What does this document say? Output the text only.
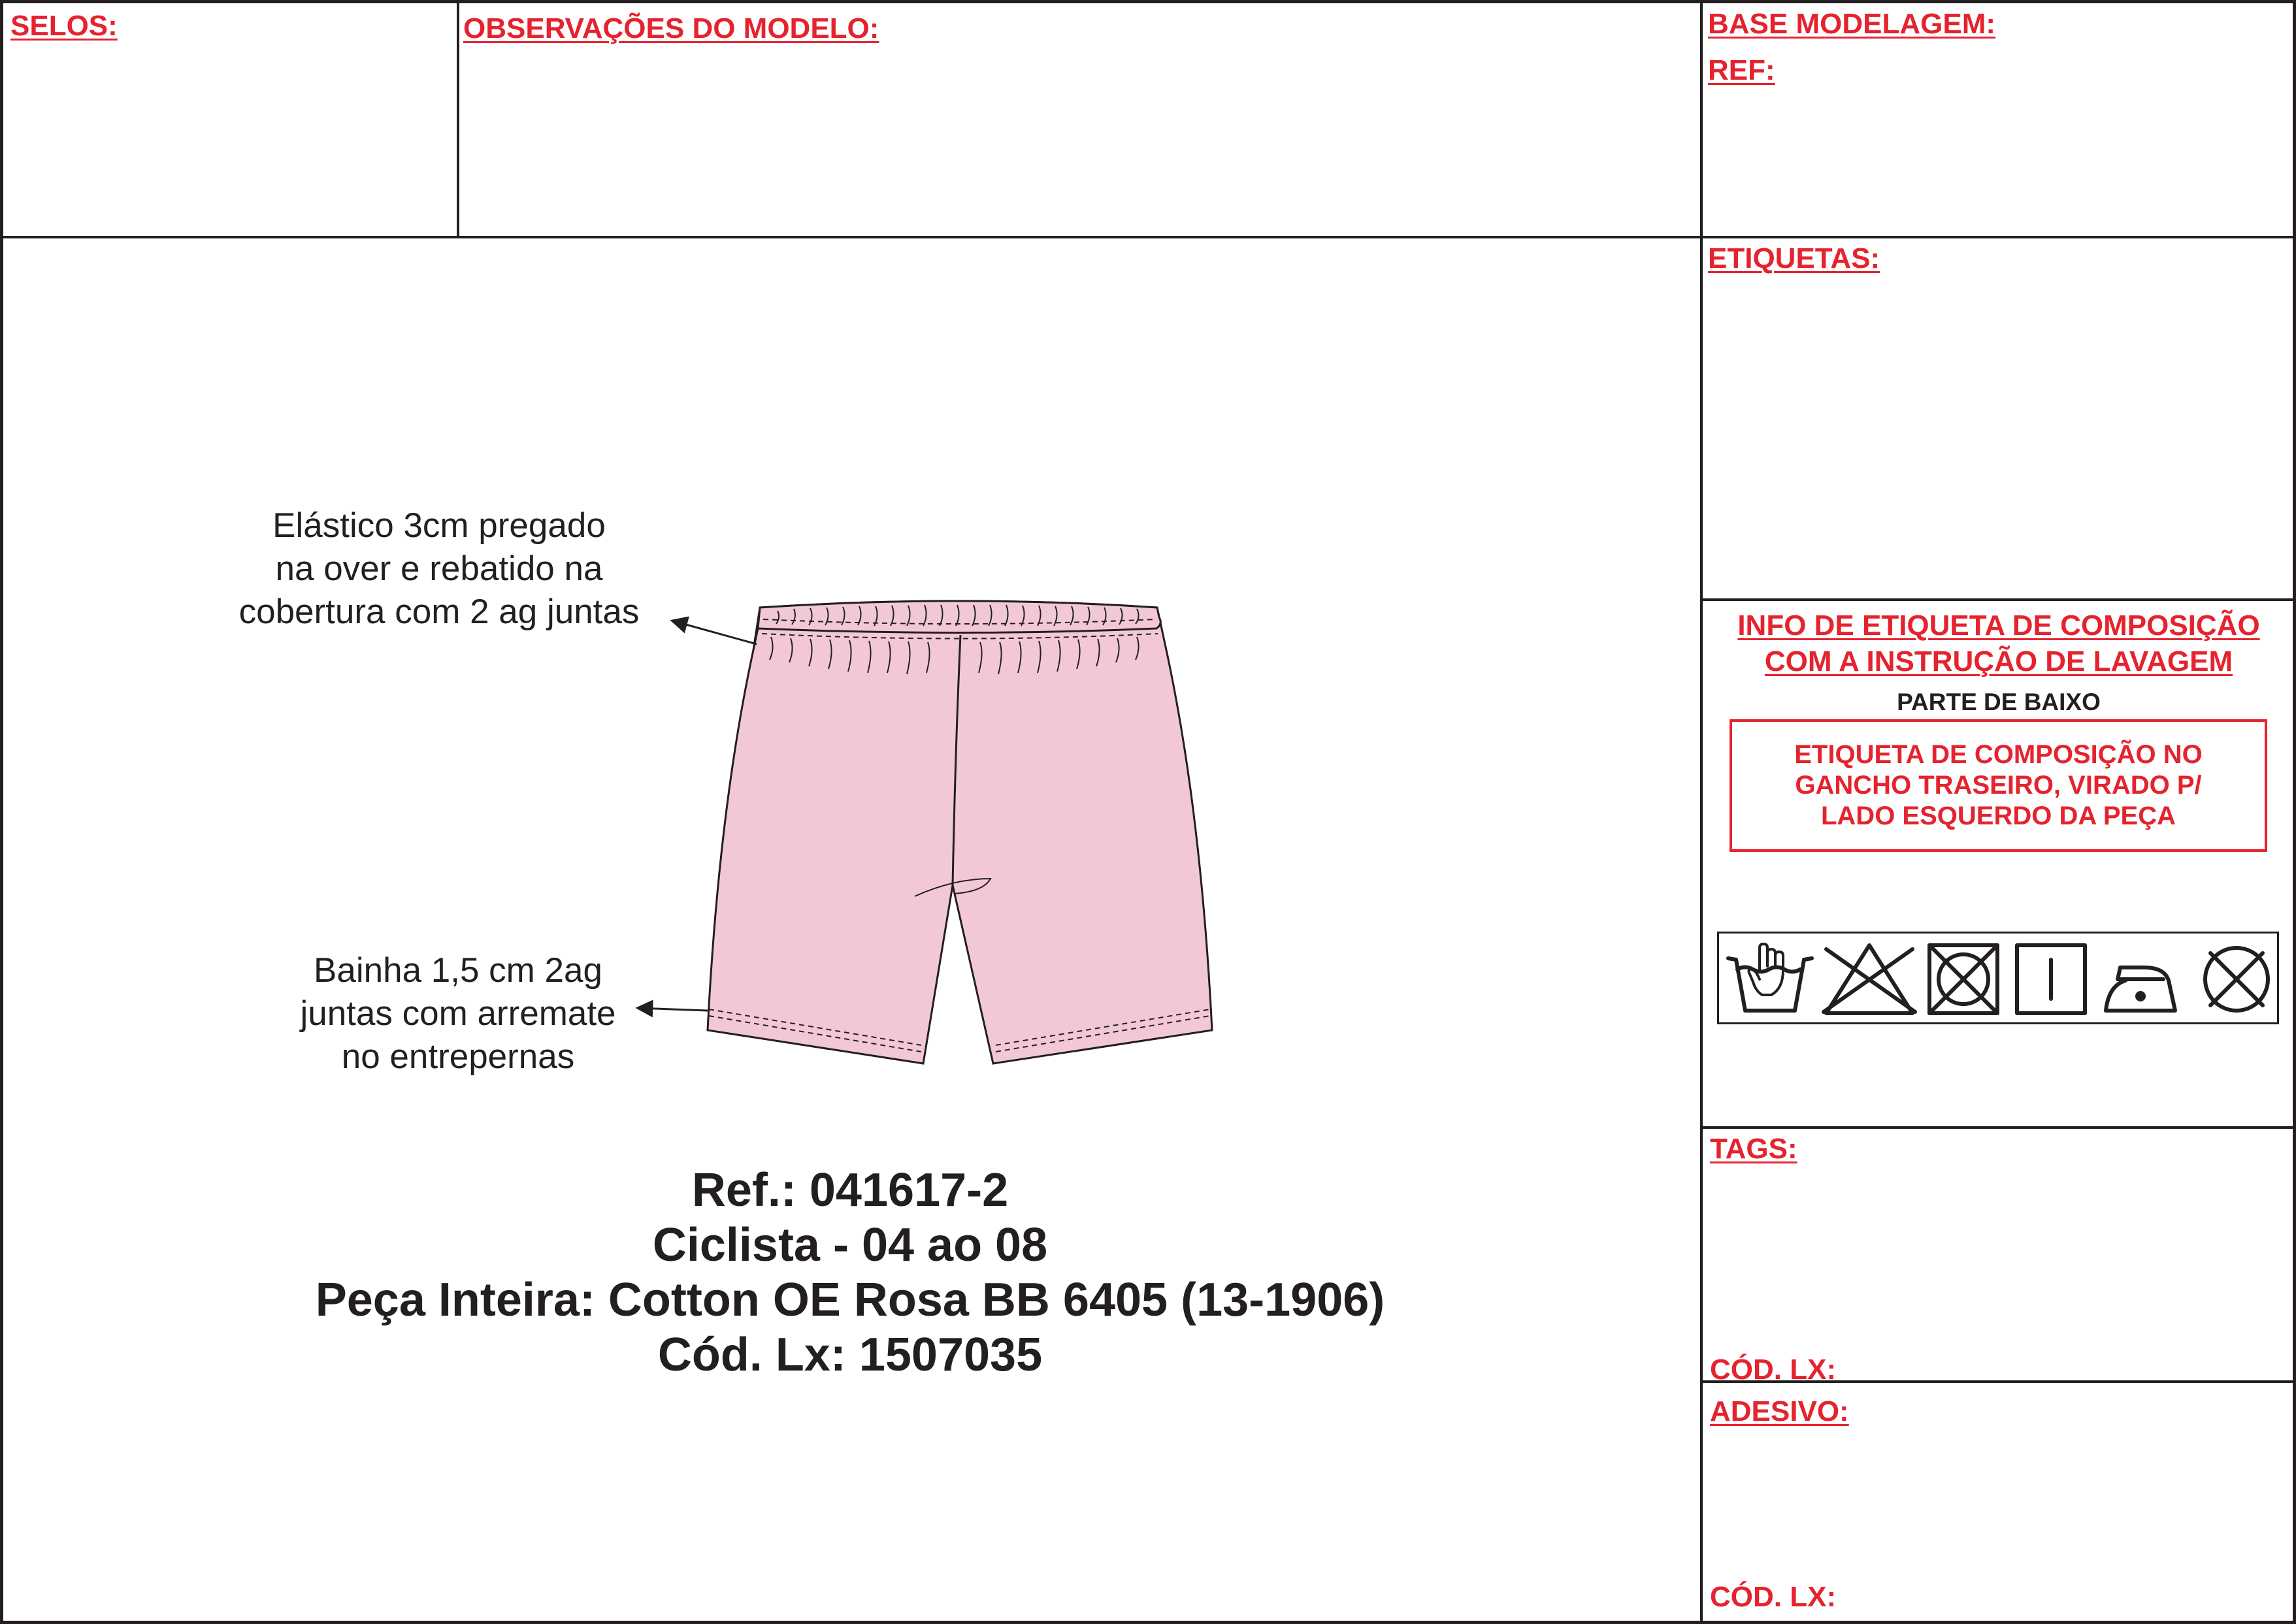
SELOS:	OBSERVAÇÕES DO MODELO:	BASE MODELAGEM:
REF:
ETIQUETAS:
INFO DE ETIQUETA DE COMPOSIÇÃO
COM A INSTRUÇÃO DE LAVAGEM
PARTE DE BAIXO
ETIQUETA DE COMPOSIÇÃO NO
GANCHO TRASEIRO, VIRADO P/
LADO ESQUERDO DA PEÇA
TAGS:
CÓD. LX:
ADESIVO:
CÓD. LX:
Elástico 3cm pregado
na over e rebatido na
cobertura com 2 ag juntas
Bainha 1,5 cm 2ag
juntas com arremate
no entrepernas
Ref.: 041617-2
Ciclista - 04 ao 08
Peça Inteira: Cotton OE Rosa BB 6405 (13-1906)
Cód. Lx: 1507035
